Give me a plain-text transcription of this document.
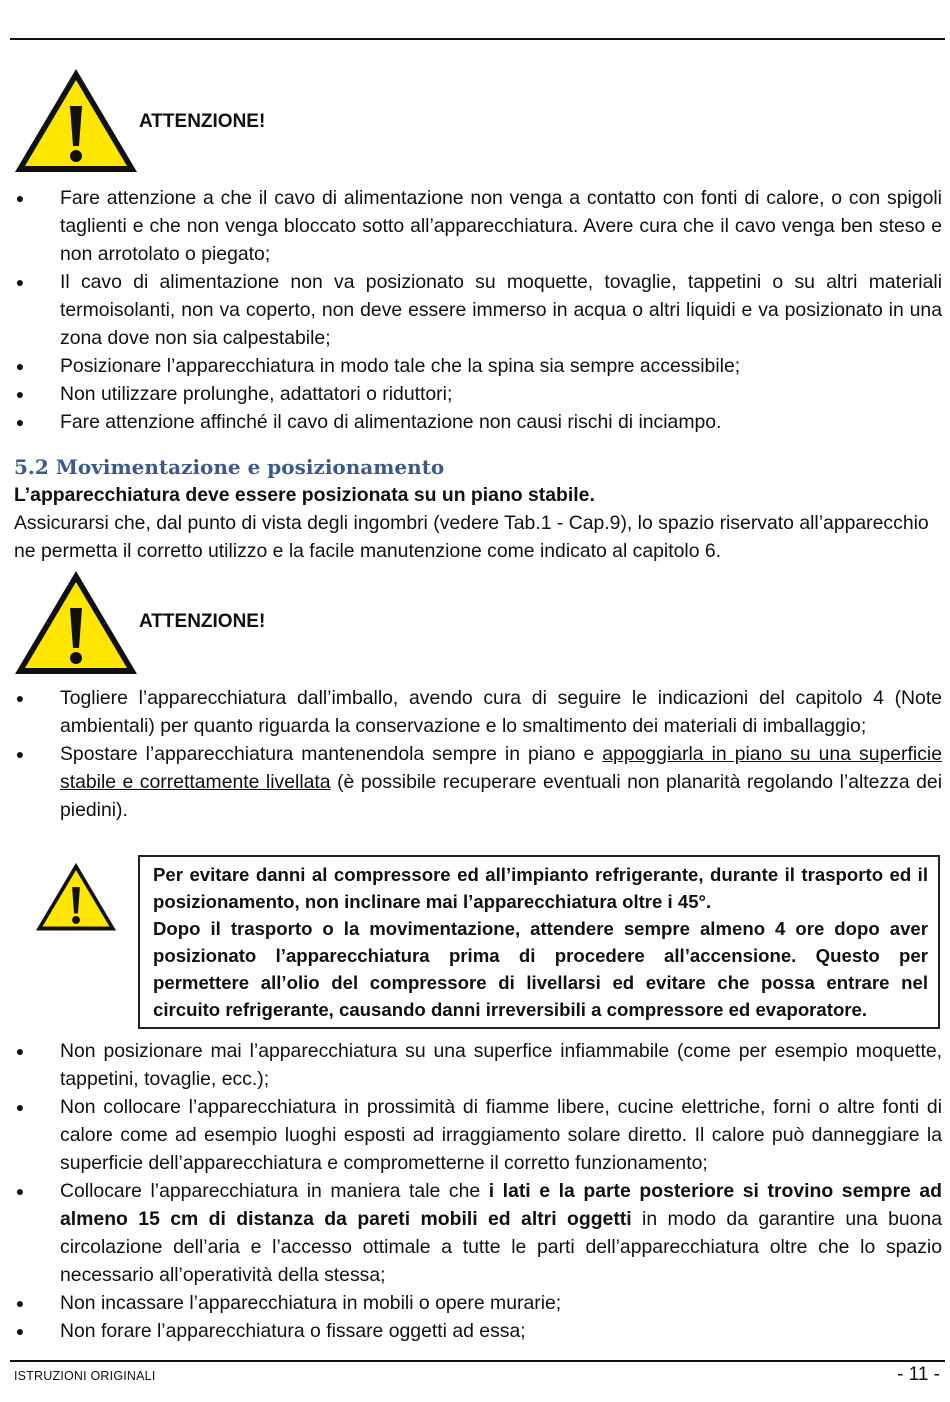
ATTENZIONE!
● Fare attenzione a che il cavo di alimentazione non venga a contatto con fonti di calore, o con spigoli taglienti e che non venga bloccato sotto all’apparecchiatura. Avere cura che il cavo venga ben steso e non arrotolato o piegato;
● Il cavo di alimentazione non va posizionato su moquette, tovaglie, tappetini o su altri materiali termoisolanti, non va coperto, non deve essere immerso in acqua o altri liquidi e va posizionato in una zona dove non sia calpestabile;
● Posizionare l’apparecchiatura in modo tale che la spina sia sempre accessibile;
● Non utilizzare prolunghe, adattatori o riduttori;
● Fare attenzione affinché il cavo di alimentazione non causi rischi di inciampo.
5.2 Movimentazione e posizionamento
L’apparecchiatura deve essere posizionata su un piano stabile.
Assicurarsi che, dal punto di vista degli ingombri (vedere Tab.1 - Cap.9), lo spazio riservato all’apparecchio ne permetta il corretto utilizzo e la facile manutenzione come indicato al capitolo 6.
ATTENZIONE!
● Togliere l’apparecchiatura dall’imballo, avendo cura di seguire le indicazioni del capitolo 4 (Note ambientali) per quanto riguarda la conservazione e lo smaltimento dei materiali di imballaggio;
● Spostare l’apparecchiatura mantenendola sempre in piano e appoggiarla in piano su una superficie stabile e correttamente livellata (è possibile recuperare eventuali non planarità regolando l’altezza dei piedini).
Per evitare danni al compressore ed all’impianto refrigerante, durante il trasporto ed il posizionamento, non inclinare mai l’apparecchiatura oltre i 45°.
Dopo il trasporto o la movimentazione, attendere sempre almeno 4 ore dopo aver posizionato l’apparecchiatura prima di procedere all’accensione. Questo per permettere all’olio del compressore di livellarsi ed evitare che possa entrare nel circuito refrigerante, causando danni irreversibili a compressore ed evaporatore.
● Non posizionare mai l’apparecchiatura su una superfice infiammabile (come per esempio moquette, tappetini, tovaglie, ecc.);
● Non collocare l’apparecchiatura in prossimità di fiamme libere, cucine elettriche, forni o altre fonti di calore come ad esempio luoghi esposti ad irraggiamento solare diretto. Il calore può danneggiare la superficie dell’apparecchiatura e comprometterne il corretto funzionamento;
● Collocare l’apparecchiatura in maniera tale che i lati e la parte posteriore si trovino sempre ad almeno 15 cm di distanza da pareti mobili ed altri oggetti in modo da garantire una buona circolazione dell’aria e l’accesso ottimale a tutte le parti dell’apparecchiatura oltre che lo spazio necessario all’operatività della stessa;
● Non incassare l’apparecchiatura in mobili o opere murarie;
● Non forare l’apparecchiatura o fissare oggetti ad essa;
ISTRUZIONI ORIGINALI	- 11 -
